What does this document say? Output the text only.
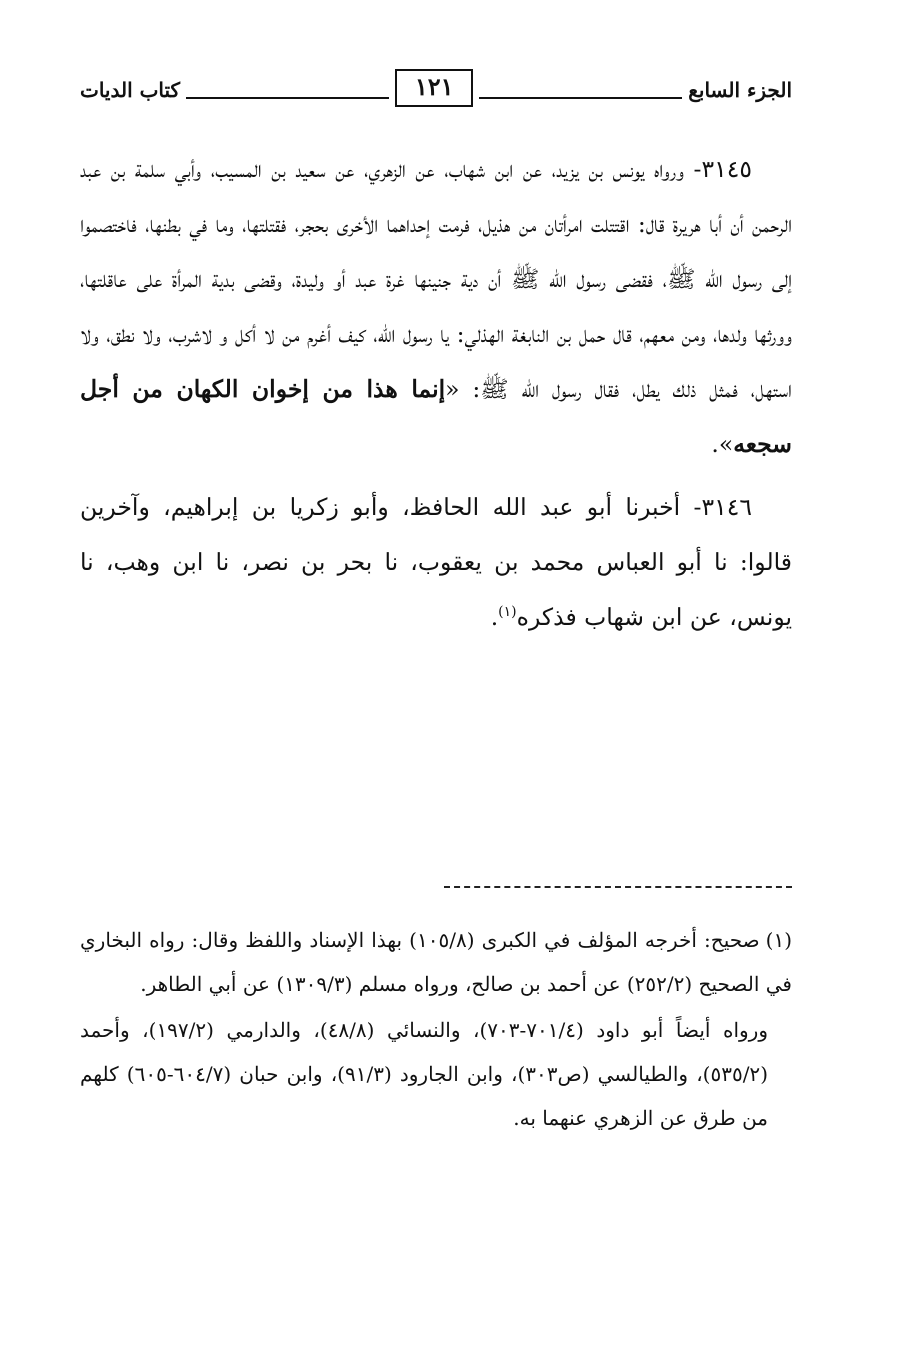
الجزء السابع
١٢١
كتاب الديات

٣١٤٥- ورواه يونس بن يزيد، عن ابن شهاب، عن الزهري، عن سعيد بن المسيب، وأبي سلمة بن عبد الرحمن أن أبا هريرة قال: اقتتلت امرأتان من هذيل، فرمت إحداهما الأخرى بحجر، فقتلتها، وما في بطنها، فاختصموا إلى رسول الله ﷺ، فقضى رسول الله ﷺ أن دية جنينها غرة عبد أو وليدة، وقضى بدية المرأة على عاقلتها، وورثها ولدها، ومن معهم، قال حمل بن النابغة الهذلي: يا رسول الله، كيف أغرم من لا أكل و لاشرب، ولا نطق، ولا استهل، فمثل ذلك يطل، فقال رسول الله ﷺ: «إنما هذا من إخوان الكهان من أجل سجعه».

٣١٤٦- أخبرنا أبو عبد الله الحافظ، وأبو زكريا بن إبراهيم، وآخرين قالوا: نا أبو العباس محمد بن يعقوب، نا بحر بن نصر، نا ابن وهب، نا يونس، عن ابن شهاب فذكره$^{(١)}$.

(١)صحيح: أخرجه المؤلف في الكبرى (١٠٥/٨) بهذا الإسناد واللفظ وقال: رواه البخاري في الصحيح (٢٥٢/٢) عن أحمد بن صالح، ورواه مسلم (١٣٠٩/٣) عن أبي الطاهر.

ورواه أيضاً أبو داود (٧٠١/٤-٧٠٣)، والنسائي (٤٨/٨)، والدارمي (١٩٧/٢)، وأحمد (٥٣٥/٢)، والطيالسي (ص٣٠٣)، وابن الجارود (٩١/٣)، وابن حبان (٦٠٤/٧-٦٠٥) كلهم من طرق عن الزهري عنهما به.
